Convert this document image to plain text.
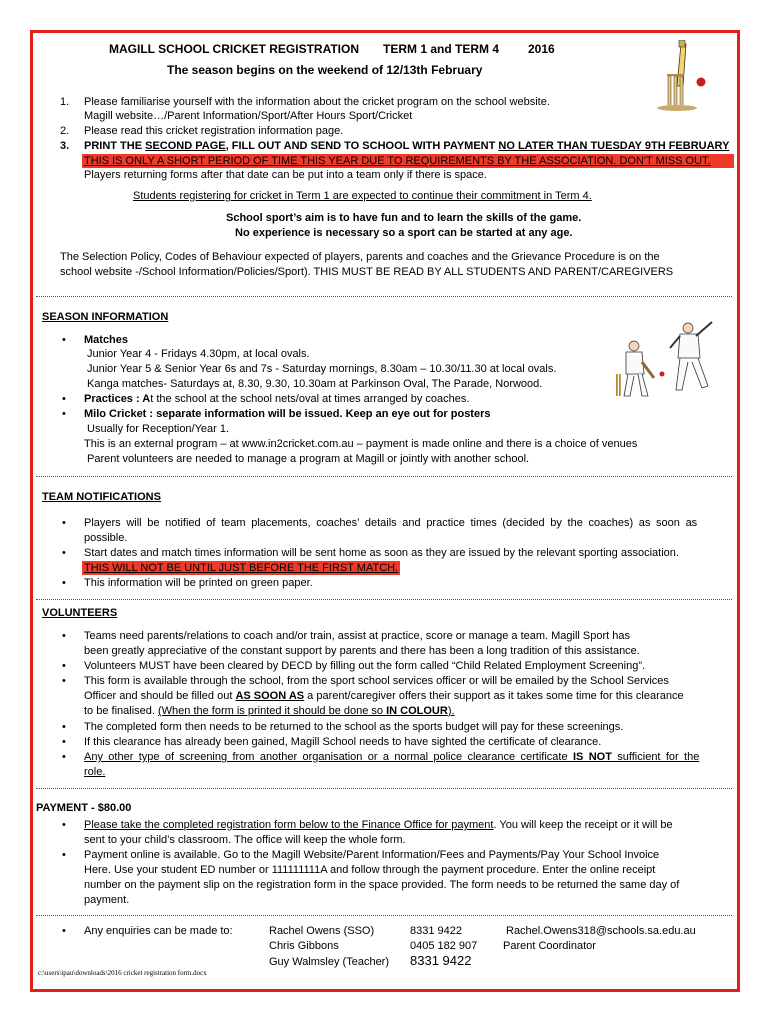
MAGILL SCHOOL CRICKET REGISTRATION TERM 1 and TERM 4 2016
The season begins on the weekend of 12/13th February
1. Please familiarise yourself with the information about the cricket program on the school website.
Magill website…/Parent Information/Sport/After Hours Sport/Cricket
2. Please read this cricket registration information page.
3. PRINT THE SECOND PAGE, FILL OUT AND SEND TO SCHOOL WITH PAYMENT NO LATER THAN TUESDAY 9TH FEBRUARY
THIS IS ONLY A SHORT PERIOD OF TIME THIS YEAR DUE TO REQUIREMENTS BY THE ASSOCIATION. DON'T MISS OUT.
Players returning forms after that date can be put into a team only if there is space.
Students registering for cricket in Term 1 are expected to continue their commitment in Term 4.
School sport’s aim is to have fun and to learn the skills of the game.
No experience is necessary so a sport can be started at any age.
The Selection Policy, Codes of Behaviour expected of players, parents and coaches and the Grievance Procedure is on the
school website -/School Information/Policies/Sport). THIS MUST BE READ BY ALL STUDENTS AND PARENT/CAREGIVERS
SEASON INFORMATION
• Matches
Junior Year 4 - Fridays 4.30pm, at local ovals.
Junior Year 5 & Senior Year 6s and 7s - Saturday mornings, 8.30am – 10.30/11.30 at local ovals.
Kanga matches- Saturdays at, 8.30, 9.30, 10.30am at Parkinson Oval, The Parade, Norwood.
• Practices : At the school at the school nets/oval at times arranged by coaches.
• Milo Cricket : separate information will be issued. Keep an eye out for posters
Usually for Reception/Year 1.
This is an external program – at www.in2cricket.com.au – payment is made online and there is a choice of venues
Parent volunteers are needed to manage a program at Magill or jointly with another school.
TEAM NOTIFICATIONS
• Players will be notified of team placements, coaches’ details and practice times (decided by the coaches) as soon as
possible.
• Start dates and match times information will be sent home as soon as they are issued by the relevant sporting association.
THIS WILL NOT BE UNTIL JUST BEFORE THE FIRST MATCH.
• This information will be printed on green paper.
VOLUNTEERS
• Teams need parents/relations to coach and/or train, assist at practice, score or manage a team. Magill Sport has
been greatly appreciative of the constant support by parents and there has been a long tradition of this assistance.
• Volunteers MUST have been cleared by DECD by filling out the form called “Child Related Employment Screening”.
• This form is available through the school, from the sport school services officer or will be emailed by the School Services
Officer and should be filled out AS SOON AS a parent/caregiver offers their support as it takes some time for this clearance
to be finalised. (When the form is printed it should be done so IN COLOUR).
• The completed form then needs to be returned to the school as the sports budget will pay for these screenings.
• If this clearance has already been gained, Magill School needs to have sighted the certificate of clearance.
• Any other type of screening from another organisation or a normal police clearance certificate IS NOT sufficient for the
role.
PAYMENT - $80.00
• Please take the completed registration form below to the Finance Office for payment. You will keep the receipt or it will be
sent to your child’s classroom. The office will keep the whole form.
• Payment online is available. Go to the Magill Website/Parent Information/Fees and Payments/Pay Your School Invoice
Here. Use your student ED number or 111111111A and follow through the payment procedure. Enter the online receipt
number on the payment slip on the registration form in the space provided. The form needs to be returned the same day of
payment.
• Any enquiries can be made to:	Rachel Owens (SSO)	8331 9422	Rachel.Owens318@schools.sa.edu.au
Chris Gibbons	0405 182 907 Parent Coordinator
Guy Walmsley (Teacher) 8331 9422
c:\users\ipau\downloads\2016 cricket registration form.docx
